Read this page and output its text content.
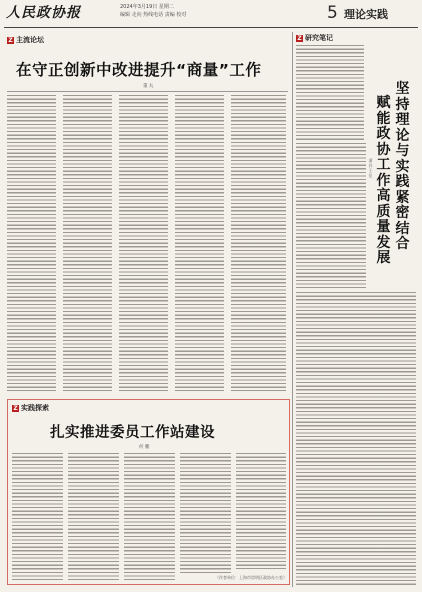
人民政协报	2024年3月19日 星期二
编辑 走向 热线电话 责编 校对	5 理论实践
Z 主流论坛
在守正创新中改进提升“商量”工作
董 丸
Z 研究笔记
坚持理论与实践紧密结合
赋能政协工作高质量发展
潘 祥 王 佳
Z 实践探索
扎实推进委员工作站建设
何 鹏
（作者单位：上海市崇明区政协办公室）
